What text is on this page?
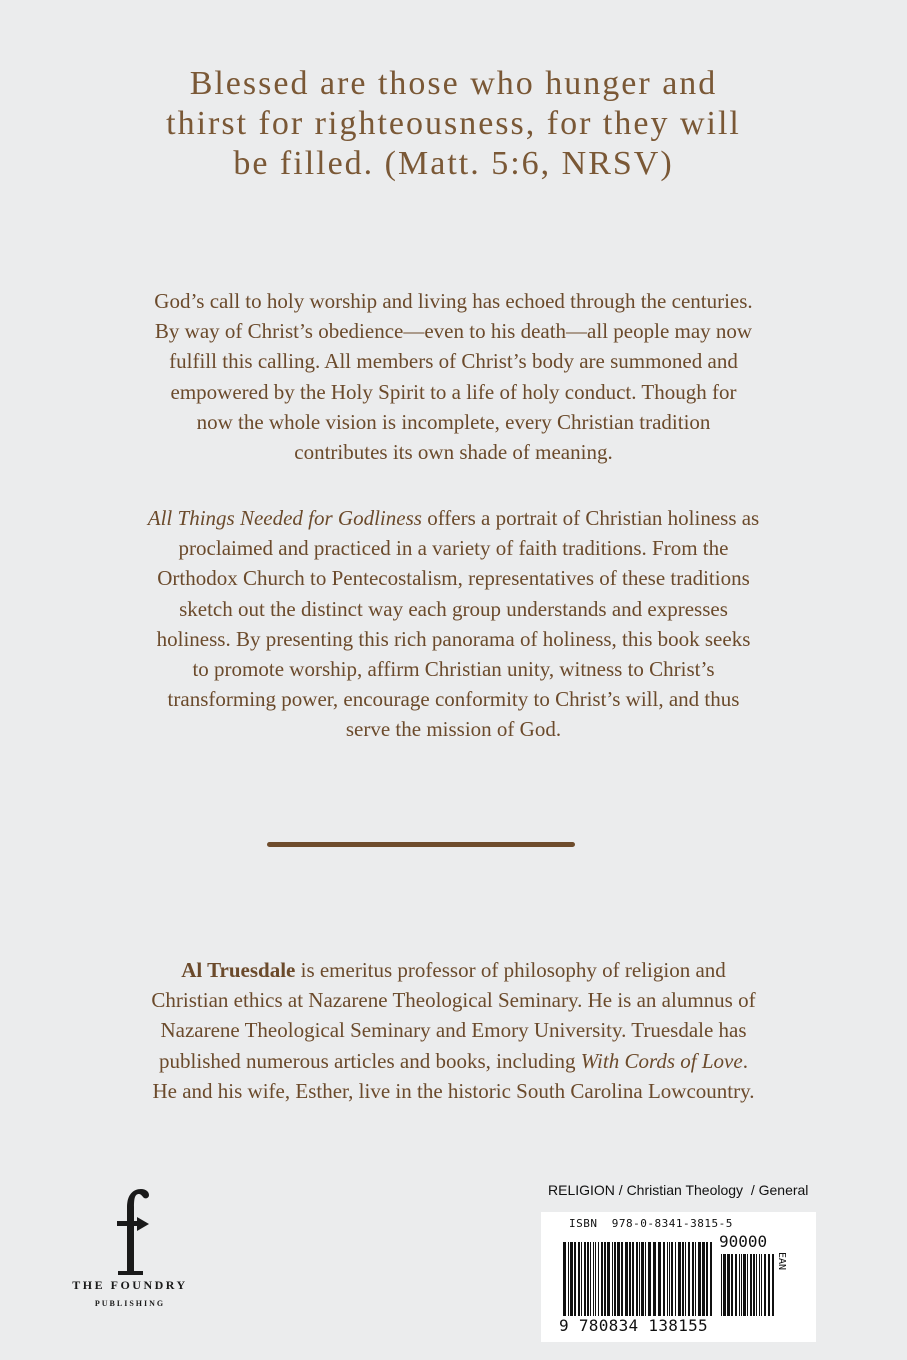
Blessed are those who hunger and
thirst for righteousness, for they will
be filled. (Matt. 5:6, NRSV)
God’s call to holy worship and living has echoed through the centuries.
By way of Christ’s obedience—even to his death—all people may now
fulfill this calling. All members of Christ’s body are summoned and
empowered by the Holy Spirit to a life of holy conduct. Though for
now the whole vision is incomplete, every Christian tradition
contributes its own shade of meaning.
All Things Needed for Godliness offers a portrait of Christian holiness as
proclaimed and practiced in a variety of faith traditions. From the
Orthodox Church to Pentecostalism, representatives of these traditions
sketch out the distinct way each group understands and expresses
holiness. By presenting this rich panorama of holiness, this book seeks
to promote worship, affirm Christian unity, witness to Christ’s
transforming power, encourage conformity to Christ’s will, and thus
serve the mission of God.
Al Truesdale is emeritus professor of philosophy of religion and
Christian ethics at Nazarene Theological Seminary. He is an alumnus of
Nazarene Theological Seminary and Emory University. Truesdale has
published numerous articles and books, including With Cords of Love.
He and his wife, Esther, live in the historic South Carolina Lowcountry.
f
THE FOUNDRY
PUBLISHING
RELIGION / Christian Theology  / General
ISBN  978-0-8341-3815-5
90000
EAN
9 780834 138155
